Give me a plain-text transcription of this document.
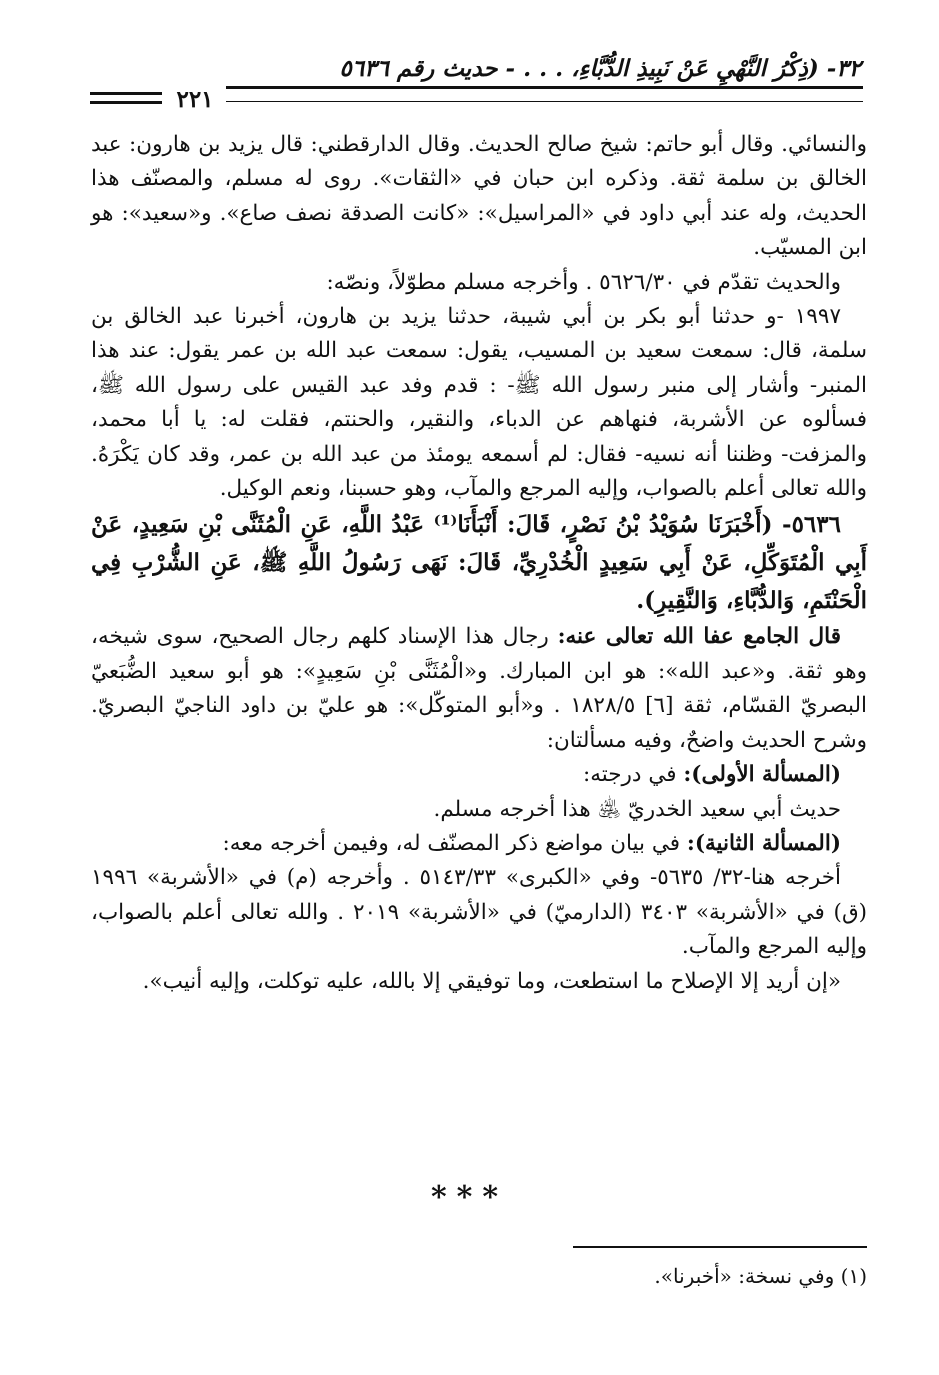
٣٢- (ذِكْرُ النَّهْيِ عَنْ نَبِيذِ الدُّبَّاءِ، . . . - حديث رقم ٥٦٣٦
٢٢١

والنسائي. وقال أبو حاتم: شيخ صالح الحديث. وقال الدارقطني: قال يزيد بن هارون: عبد الخالق بن سلمة ثقة. وذكره ابن حبان في «الثقات». روى له مسلم، والمصنّف هذا الحديث، وله عند أبي داود في «المراسيل»: «كانت الصدقة نصف صاع». و«سعيد»: هو ابن المسيّب.

والحديث تقدّم في ٥٦٢٦/٣٠ . وأخرجه مسلم مطوّلاً، ونصّه:

١٩٩٧ -و حدثنا أبو بكر بن أبي شيبة، حدثنا يزيد بن هارون، أخبرنا عبد الخالق بن سلمة، قال: سمعت سعيد بن المسيب، يقول: سمعت عبد الله بن عمر يقول: عند هذا المنبر- وأشار إلى منبر رسول الله ﷺ- : قدم وفد عبد القيس على رسول الله ﷺ، فسألوه عن الأشربة، فنهاهم عن الدباء، والنقير، والحنتم، فقلت له: يا أبا محمد، والمزفت- وظننا أنه نسيه- فقال: لم أسمعه يومئذ من عبد الله بن عمر، وقد كان يَكْرَهُ. والله تعالى أعلم بالصواب، وإليه المرجع والمآب، وهو حسبنا، ونعم الوكيل.

٥٦٣٦- (أَخْبَرَنَا سُوَيْدُ بْنُ نَصْرٍ، قَالَ: أَنْبَأَنَا⁽¹⁾ عَبْدُ اللَّهِ، عَنِ الْمُثَنَّى بْنِ سَعِيدٍ، عَنْ أَبِي الْمُتَوَكِّلِ، عَنْ أَبِي سَعِيدٍ الْخُدْرِيِّ، قَالَ: نَهَى رَسُولُ اللَّهِ ﷺ، عَنِ الشُّرْبِ فِي الْحَنْتَمِ، وَالدُّبَّاءِ، وَالنَّقِيرِ).

قال الجامع عفا الله تعالى عنه: رجال هذا الإسناد كلهم رجال الصحيح، سوى شيخه، وهو ثقة. و«عبد الله»: هو ابن المبارك. و«الْمُثَنَّى بْنِ سَعِيدٍ»: هو أبو سعيد الضُّبَعيّ البصريّ القسّام، ثقة [٦] ١٨٢٨/٥ . و«أبو المتوكّل»: هو عليّ بن داود الناجيّ البصريّ. وشرح الحديث واضحٌ، وفيه مسألتان:

(المسألة الأولى): في درجته:

حديث أبي سعيد الخدريّ ﵁ هذا أخرجه مسلم.

(المسألة الثانية): في بيان مواضع ذكر المصنّف له، وفيمن أخرجه معه:

أخرجه هنا-٣٢/ ٥٦٣٥- وفي «الكبرى» ٥١٤٣/٣٣ . وأخرجه (م) في «الأشربة» ١٩٩٦ (ق) في «الأشربة» ٣٤٠٣ (الدارميّ) في «الأشربة» ٢٠١٩ . والله تعالى أعلم بالصواب، وإليه المرجع والمآب.

«إن أريد إلا الإصلاح ما استطعت، وما توفيقي إلا بالله، عليه توكلت، وإليه أنيب».

***
(١) وفي نسخة: «أخبرنا».
